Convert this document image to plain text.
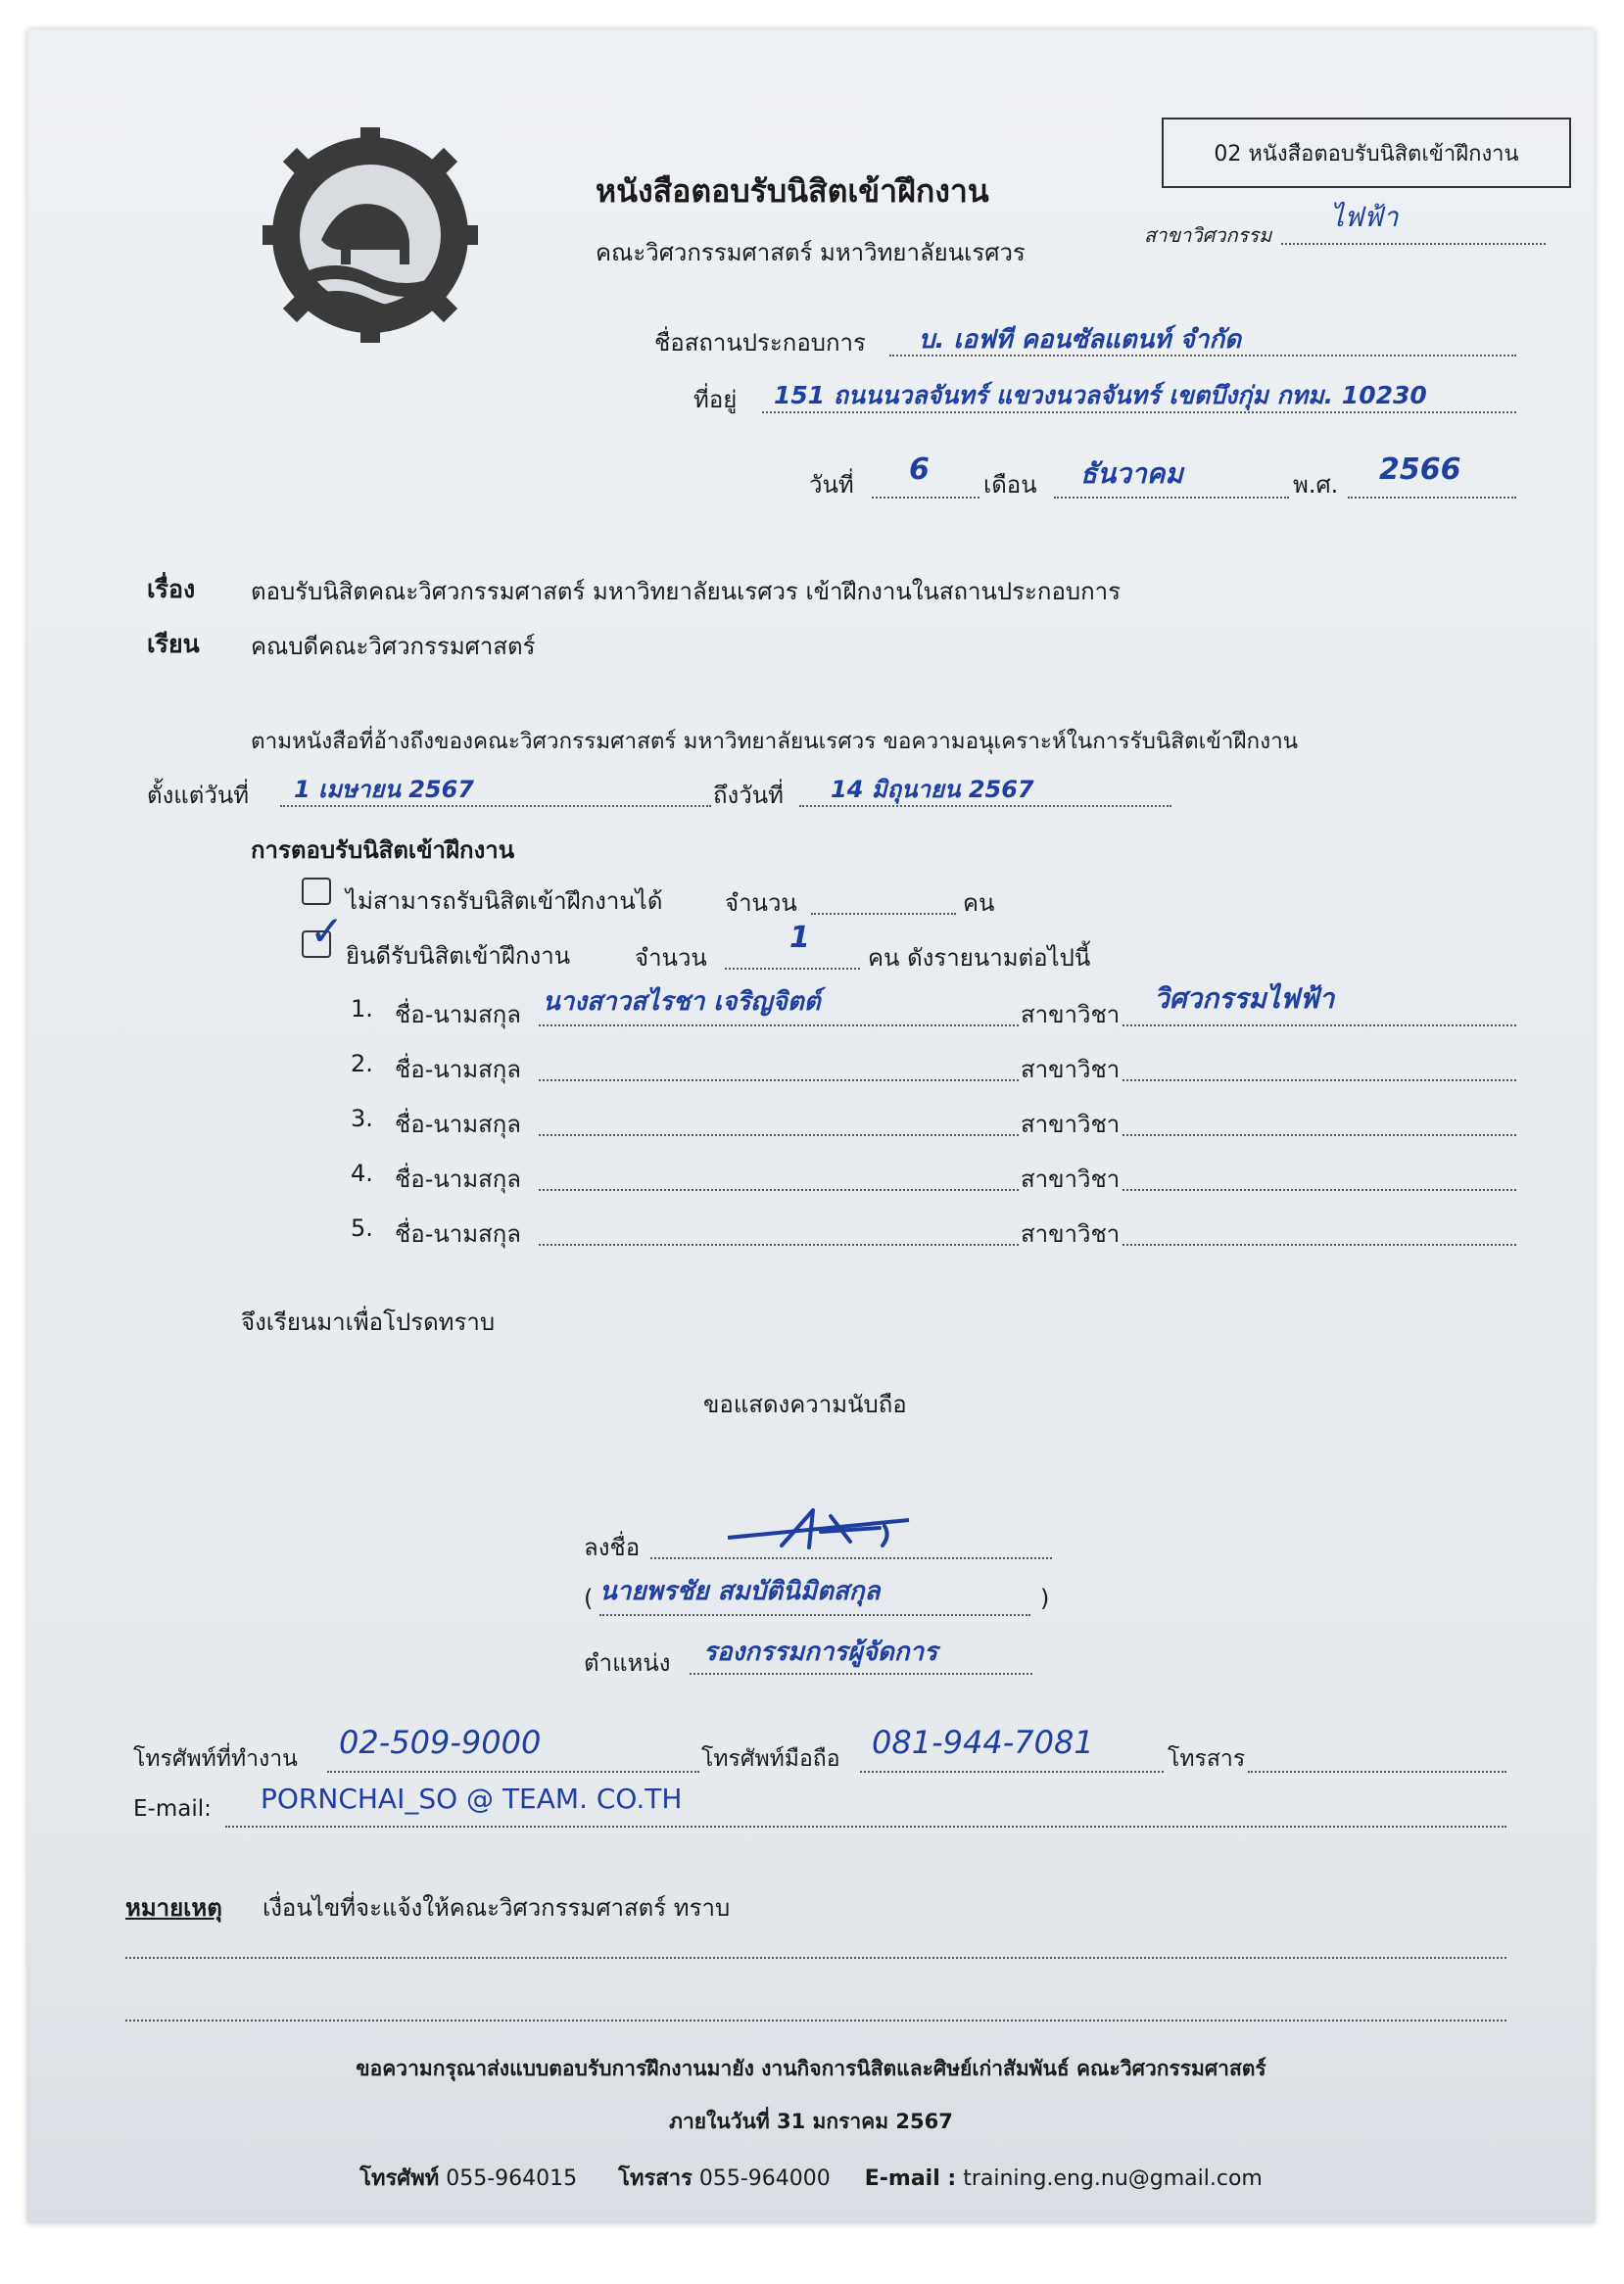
02 หนังสือตอบรับนิสิตเข้าฝึกงาน
หนังสือตอบรับนิสิตเข้าฝึกงาน
คณะวิศวกรรมศาสตร์ มหาวิทยาลัยนเรศวร
สาขาวิศวกรรม
ไฟฟ้า
ชื่อสถานประกอบการ บ. เอฟที คอนซัลแตนท์ จำกัด
ที่อยู่ 151 ถนนนวลจันทร์ แขวงนวลจันทร์ เขตบึงกุ่ม กทม. 10230
วันที่ 6 เดือน ธันวาคม	พ.ศ. 2566
เรื่อง ตอบรับนิสิตคณะวิศวกรรมศาสตร์ มหาวิทยาลัยนเรศวร เข้าฝึกงานในสถานประกอบการ
เรียน คณบดีคณะวิศวกรรมศาสตร์
ตามหนังสือที่อ้างถึงของคณะวิศวกรรมศาสตร์ มหาวิทยาลัยนเรศวร ขอความอนุเคราะห์ในการรับนิสิตเข้าฝึกงาน
ตั้งแต่วันที่ 1 เมษายน 2567	ถึงวันที่ 14 มิถุนายน 2567
การตอบรับนิสิตเข้าฝึกงาน
ไม่สามารถรับนิสิตเข้าฝึกงานได้	จำนวน	คน
✓
ยินดีรับนิสิตเข้าฝึกงาน	จำนวน
1
คน ดังรายนามต่อไปนี้
1. ชื่อ-นามสกุล นางสาวสไรชา เจริญจิตต์	สาขาวิชา วิศวกรรมไฟฟ้า
2. ชื่อ-นามสกุล	สาขาวิชา
3. ชื่อ-นามสกุล	สาขาวิชา
4. ชื่อ-นามสกุล	สาขาวิชา
5. ชื่อ-นามสกุล	สาขาวิชา
จึงเรียนมาเพื่อโปรดทราบ
ขอแสดงความนับถือ
ลงชื่อ
( นายพรชัย สมบัตินิมิตสกุล	)
ตำแหน่ง รองกรรมการผู้จัดการ
โทรศัพท์ที่ทำงาน 02-509-9000	โทรศัพท์มือถือ 081-944-7081	โทรสาร
E-mail: PORNCHAI_SO @ TEAM. CO.TH
หมายเหตุ เงื่อนไขที่จะแจ้งให้คณะวิศวกรรมศาสตร์ ทราบ
ขอความกรุณาส่งแบบตอบรับการฝึกงานมายัง งานกิจการนิสิตและศิษย์เก่าสัมพันธ์ คณะวิศวกรรมศาสตร์
ภายในวันที่ 31 มกราคม 2567
โทรศัพท์ 055-964015 โทรสาร 055-964000 E-mail : training.eng.nu@gmail.com
